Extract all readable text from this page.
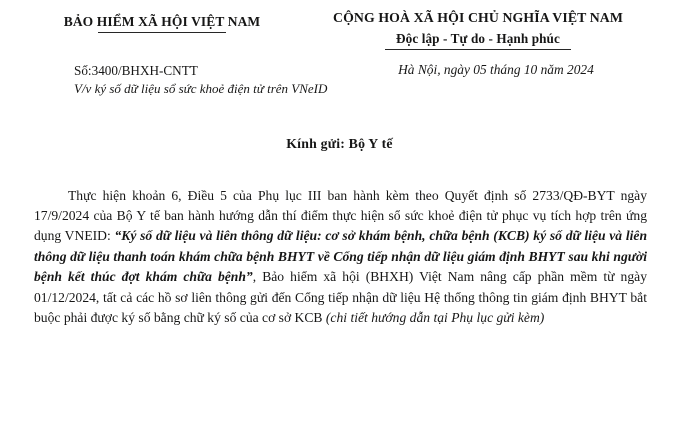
BẢO HIỂM XÃ HỘI VIỆT NAM	CỘNG HOÀ XÃ HỘI CHỦ NGHĨA VIỆT NAM
Độc lập - Tự do - Hạnh phúc
Số:3400/BHXH-CNTT
V/v ký số dữ liệu sổ sức khoẻ điện tử trên VNeID
Hà Nội, ngày 05 tháng 10 năm 2024
Kính gửi: Bộ Y tế

Thực hiện khoản 6, Điều 5 của Phụ lục III ban hành kèm theo Quyết định số 2733/QĐ-BYT ngày 17/9/2024 của Bộ Y tế ban hành hướng dẫn thí điểm thực hiện sổ sức khoẻ điện tử phục vụ tích hợp trên ứng dụng VNEID: “Ký số dữ liệu và liên thông dữ liệu: cơ sở khám bệnh, chữa bệnh (KCB) ký số dữ liệu và liên thông dữ liệu thanh toán khám chữa bệnh BHYT về Cổng tiếp nhận dữ liệu giám định BHYT sau khi người bệnh kết thúc đợt khám chữa bệnh”, Bảo hiểm xã hội (BHXH) Việt Nam nâng cấp phần mềm từ ngày 01/12/2024, tất cả các hồ sơ liên thông gửi đến Cổng tiếp nhận dữ liệu Hệ thống thông tin giám định BHYT bắt buộc phải được ký số bằng chữ ký số của cơ sở KCB (chi tiết hướng dẫn tại Phụ lục gửi kèm)
